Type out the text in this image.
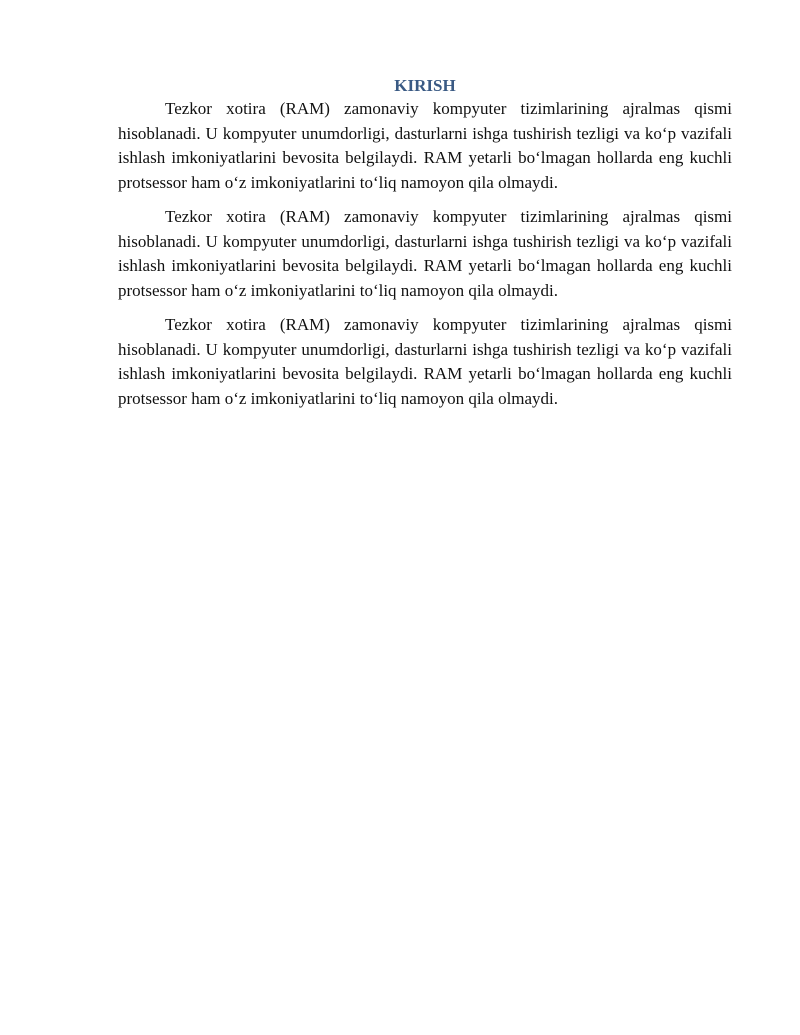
KIRISH

Tezkor xotira (RAM) zamonaviy kompyuter tizimlarining ajralmas qismi hisoblanadi. U kompyuter unumdorligi, dasturlarni ishga tushirish tezligi va ko‘p vazifali ishlash imkoniyatlarini bevosita belgilaydi. RAM yetarli bo‘lmagan hollarda eng kuchli protsessor ham o‘z imkoniyatlarini to‘liq namoyon qila olmaydi.

Tezkor xotira (RAM) zamonaviy kompyuter tizimlarining ajralmas qismi hisoblanadi. U kompyuter unumdorligi, dasturlarni ishga tushirish tezligi va ko‘p vazifali ishlash imkoniyatlarini bevosita belgilaydi. RAM yetarli bo‘lmagan hollarda eng kuchli protsessor ham o‘z imkoniyatlarini to‘liq namoyon qila olmaydi.

Tezkor xotira (RAM) zamonaviy kompyuter tizimlarining ajralmas qismi hisoblanadi. U kompyuter unumdorligi, dasturlarni ishga tushirish tezligi va ko‘p vazifali ishlash imkoniyatlarini bevosita belgilaydi. RAM yetarli bo‘lmagan hollarda eng kuchli protsessor ham o‘z imkoniyatlarini to‘liq namoyon qila olmaydi.
